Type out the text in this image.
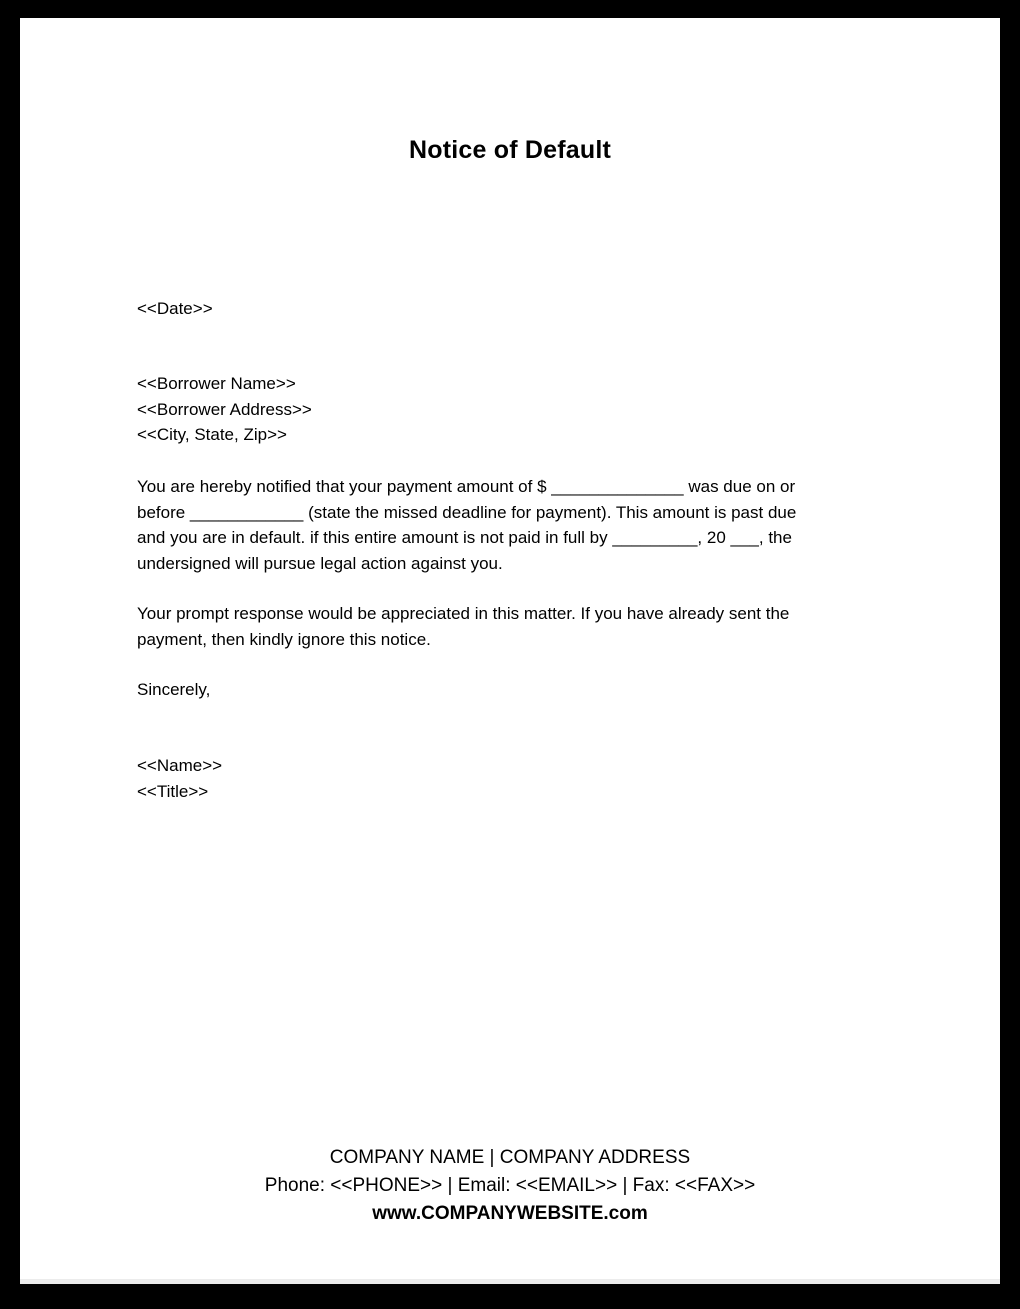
Notice of Default
<<Date>>
<<Borrower Name>>
<<Borrower Address>>
<<City, State, Zip>>
You are hereby notified that your payment amount of $ ______________ was due on or
before ____________ (state the missed deadline for payment). This amount is past due
and you are in default. if this entire amount is not paid in full by _________, 20 ___, the
undersigned will pursue legal action against you.
Your prompt response would be appreciated in this matter. If you have already sent the
payment, then kindly ignore this notice.
Sincerely,
<<Name>>
<<Title>>
COMPANY NAME | COMPANY ADDRESS
Phone: <<PHONE>> | Email: <<EMAIL>> | Fax: <<FAX>>
www.COMPANYWEBSITE.com
